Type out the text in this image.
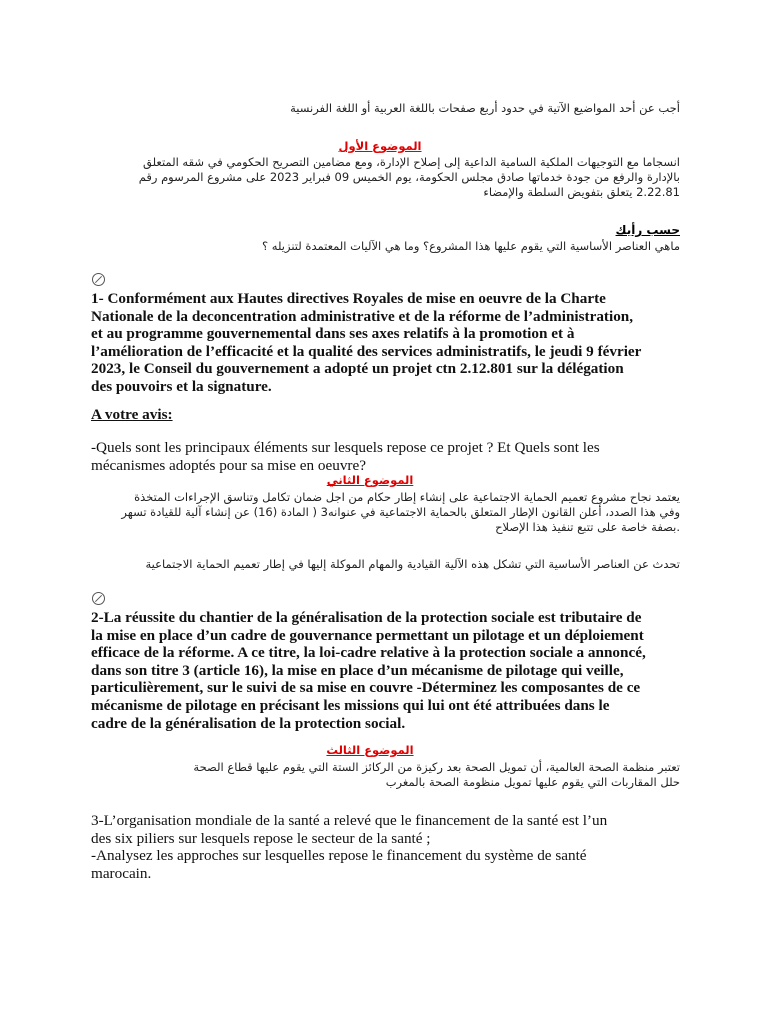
أجب عن أحد المواضيع الآتية في حدود أربع صفحات باللغة العربية أو اللغة الفرنسية
الموضوع الأول
انسجاما مع التوجيهات الملكية السامية الداعية إلى إصلاح الإدارة، ومع مضامين التصريح الحكومي في شقه المتعلق
بالإدارة والرفع من جودة خدماتها صادق مجلس الحكومة، يوم الخميس 09 فبراير 2023 على مشروع المرسوم رقم
2.22.81 يتعلق بتفويض السلطة والإمضاء
حسب رأيك
ماهي العناصر الأساسية التي يقوم عليها هذا المشروع؟ وما هي الآليات المعتمدة لتنزيله ؟
1- Conformément aux Hautes directives Royales de mise en oeuvre de la Charte
Nationale de la deconcentration administrative et de la réforme de l’administration,
et au programme gouvernemental dans ses axes relatifs à la promotion et à
l’amélioration de l’efficacité et la qualité des services administratifs, le jeudi 9 février
2023, le Conseil du gouvernement a adopté un projet ctn 2.12.801 sur la délégation
des pouvoirs et la signature.
A votre avis:
-Quels sont les principaux éléments sur lesquels repose ce projet ? Et Quels sont les
mécanismes adoptés pour sa mise en oeuvre?
الموضوع الثاني
يعتمد نجاح مشروع تعميم الحماية الاجتماعية على إنشاء إطار حكام من اجل ضمان تكامل وتناسق الإجراءات المتخذة
وفي هذا الصدد، أعلن القانون الإطار المتعلق بالحماية الاجتماعية في عنوانه3 ( المادة (16) عن إنشاء آلية للقيادة تسهر
.بصفة خاصة على تتبع تنفيذ هذا الإصلاح
تحدث عن العناصر الأساسية التي تشكل هذه الآلية القيادية والمهام الموكلة إليها في إطار تعميم الحماية الاجتماعية
2-La réussite du chantier de la généralisation de la protection sociale est tributaire de
la mise en place d’un cadre de gouvernance permettant un pilotage et un déploiement
efficace de la réforme. A ce titre, la loi-cadre relative à la protection sociale a annoncé,
dans son titre 3 (article 16), la mise en place d’un mécanisme de pilotage qui veille,
particulièrement, sur le suivi de sa mise en couvre -Déterminez les composantes de ce
mécanisme de pilotage en précisant les missions qui lui ont été attribuées dans le
cadre de la généralisation de la protection social.
الموضوع الثالث
تعتبر منظمة الصحة العالمية، أن تمويل الصحة بعد ركيزة من الركائز الستة التي يقوم عليها قطاع الصحة
حلل المقاربات التي يقوم عليها تمويل منظومة الصحة بالمغرب
3-L’organisation mondiale de la santé a relevé que le financement de la santé est l’un
des six piliers sur lesquels repose le secteur de la santé ;
-Analysez les approches sur lesquelles repose le financement du système de santé
marocain.
